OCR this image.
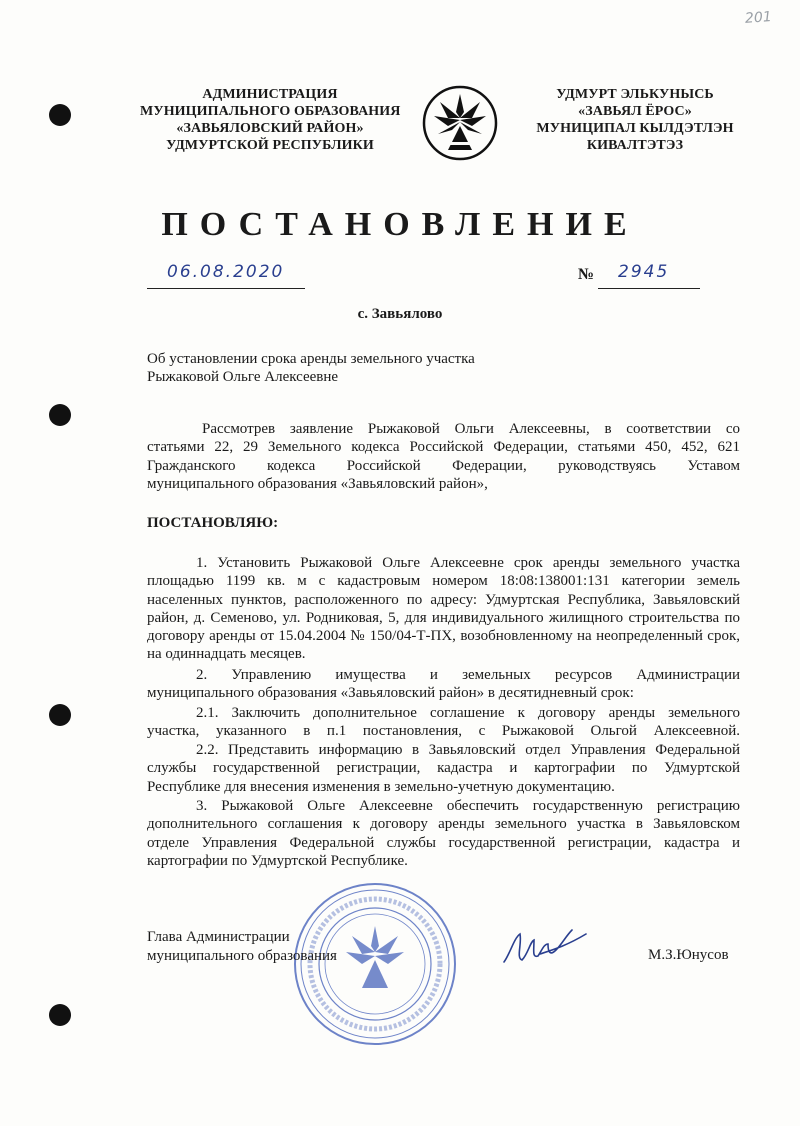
201
АДМИНИСТРАЦИЯ
МУНИЦИПАЛЬНОГО ОБРАЗОВАНИЯ
«ЗАВЬЯЛОВСКИЙ РАЙОН»
УДМУРТСКОЙ РЕСПУБЛИКИ
УДМУРТ ЭЛЬКУНЫСЬ
«ЗАВЬЯЛ ЁРОС»
МУНИЦИПАЛ КЫЛДЭТЛЭН
КИВАЛТЭТЭЗ
ПОСТАНОВЛЕНИЕ
06.08.2020	№ 2945
с. Завьялово
Об установлении срока аренды земельного участка
Рыжаковой Ольге Алексеевне
Рассмотрев заявление Рыжаковой Ольги Алексеевны, в соответствии со
статьями 22, 29 Земельного кодекса Российской Федерации, статьями 450, 452, 621
Гражданского кодекса Российской Федерации, руководствуясь Уставом
муниципального образования «Завьяловский район»,
ПОСТАНОВЛЯЮ:
1. Установить Рыжаковой Ольге Алексеевне срок аренды земельного участка
площадью 1199 кв. м с кадастровым номером 18:08:138001:131 категории земель
населенных пунктов, расположенного по адресу: Удмуртская Республика, Завьяловский
район, д. Семеново, ул. Родниковая, 5, для индивидуального жилищного строительства по
договору аренды от 15.04.2004 № 150/04-Т-ПХ, возобновленному на неопределенный срок,
на одиннадцать месяцев.
2. Управлению имущества и земельных ресурсов Администрации
муниципального образования «Завьяловский район» в десятидневный срок:
2.1. Заключить дополнительное соглашение к договору аренды земельного
участка, указанного в п.1 постановления, с Рыжаковой Ольгой Алексеевной.
2.2. Представить информацию в Завьяловский отдел Управления Федеральной
службы государственной регистрации, кадастра и картографии по Удмуртской
Республике для внесения изменения в земельно-учетную документацию.
3. Рыжаковой Ольге Алексеевне обеспечить государственную регистрацию
дополнительного соглашения к договору аренды земельного участка в Завьяловском
отделе Управления Федеральной службы государственной регистрации, кадастра и
картографии по Удмуртской Республике.
Глава Администрации
муниципального образования	М.З.Юнусов
